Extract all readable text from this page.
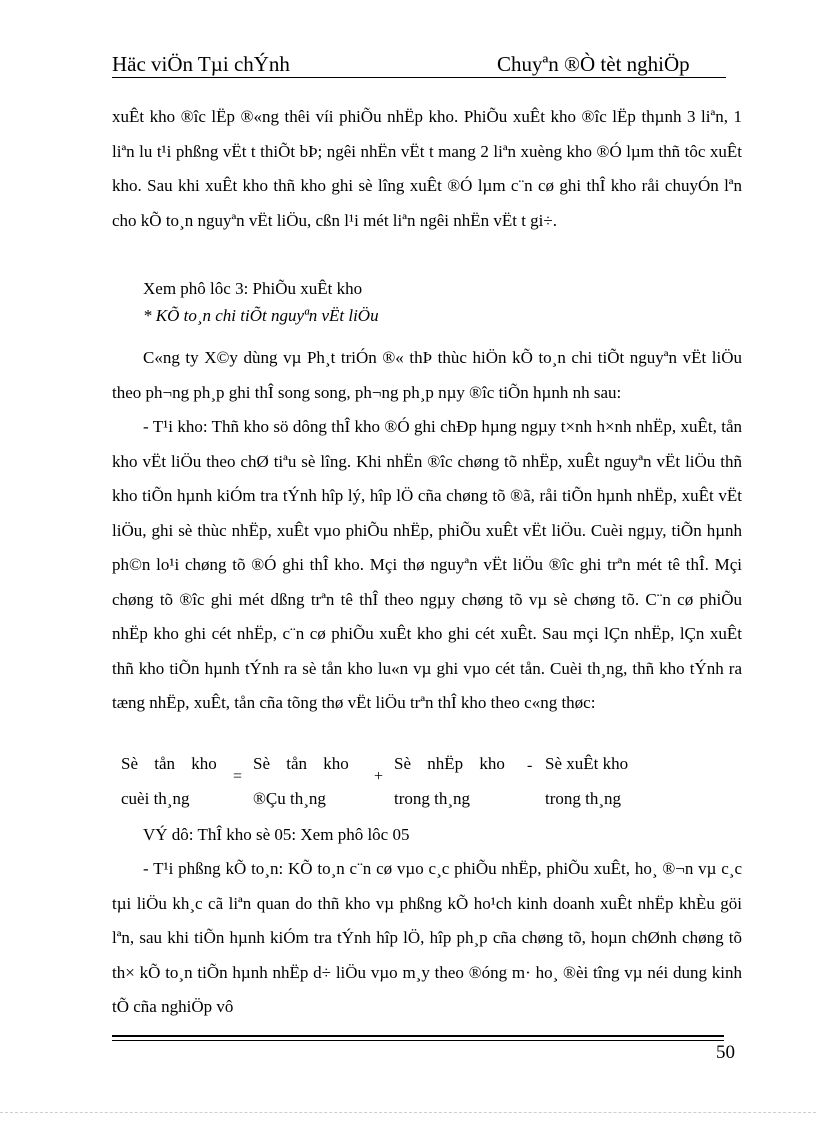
Häc viÖn Tµi chÝnh	Chuyªn ®Ò tèt nghiÖp

xuÊt kho ®îc lËp ®«ng thêi víi phiÕu nhËp kho. PhiÕu xuÊt kho ®îc lËp thµnh 3 liªn, 1 liªn lu t¹i phßng vËt t thiÕt bÞ; ngêi nhËn vËt t mang 2 liªn xuèng kho ®Ó lµm thñ tôc xuÊt kho. Sau khi xuÊt kho thñ kho ghi sè lîng xuÊt ®Ó lµm c¨n cø ghi thÎ kho råi chuyÓn lªn cho kÕ to¸n nguyªn vËt liÖu, cßn l¹i mét liªn ngêi nhËn vËt t gi÷.

Xem phô lôc 3: PhiÕu xuÊt kho

* KÕ to¸n chi tiÕt nguyªn vËt liÖu

C«ng ty X©y dùng vµ Ph¸t triÓn ®« thÞ thùc hiÖn kÕ to¸n chi tiÕt nguyªn vËt liÖu theo ph¬ng ph¸p ghi thÎ song song, ph¬ng ph¸p nµy ®îc tiÕn hµnh nh sau:

- T¹i kho: Thñ kho sö dông thÎ kho ®Ó ghi chÐp hµng ngµy t×nh h×nh nhËp, xuÊt, tån kho vËt liÖu theo chØ tiªu sè lîng. Khi nhËn ®îc chøng tõ nhËp, xuÊt nguyªn vËt liÖu thñ kho tiÕn hµnh kiÓm tra tÝnh hîp lý, hîp lÖ cña chøng tõ ®ã, råi tiÕn hµnh nhËp, xuÊt vËt liÖu, ghi sè thùc nhËp, xuÊt vµo phiÕu nhËp, phiÕu xuÊt vËt liÖu. Cuèi ngµy, tiÕn hµnh ph©n lo¹i chøng tõ ®Ó ghi thÎ kho. Mçi thø nguyªn vËt liÖu ®îc ghi trªn mét tê thÎ. Mçi chøng tõ ®îc ghi mét dßng trªn tê thÎ theo ngµy chøng tõ vµ sè chøng tõ. C¨n cø phiÕu nhËp kho ghi cét nhËp, c¨n cø phiÕu xuÊt kho ghi cét xuÊt. Sau mçi lÇn nhËp, lÇn xuÊt thñ kho tiÕn hµnh tÝnh ra sè tån kho lu«n vµ ghi vµo cét tån. Cuèi th¸ng, thñ kho tÝnh ra tæng nhËp, xuÊt, tån cña tõng thø vËt liÖu trªn thÎ kho theo c«ng thøc:

Sè tån kho
cuèi th¸ng
=
Sè tån kho
®Çu th¸ng
+
Sè nhËp kho
trong th¸ng
- Sè xuÊt kho
trong th¸ng

VÝ dô: ThÎ kho sè 05: Xem phô lôc 05

- T¹i phßng kÕ to¸n: KÕ to¸n c¨n cø vµo c¸c phiÕu nhËp, phiÕu xuÊt, ho¸ ®¬n vµ c¸c tµi liÖu kh¸c cã liªn quan do thñ kho vµ phßng kÕ ho¹ch kinh doanh xuÊt nhËp khÈu göi lªn, sau khi tiÕn hµnh kiÓm tra tÝnh hîp lÖ, hîp ph¸p cña chøng tõ, hoµn chØnh chøng tõ th× kÕ to¸n tiÕn hµnh nhËp d÷ liÖu vµo m¸y theo ®óng m· ho¸ ®èi tîng vµ néi dung kinh tÕ cña nghiÖp vô

50
